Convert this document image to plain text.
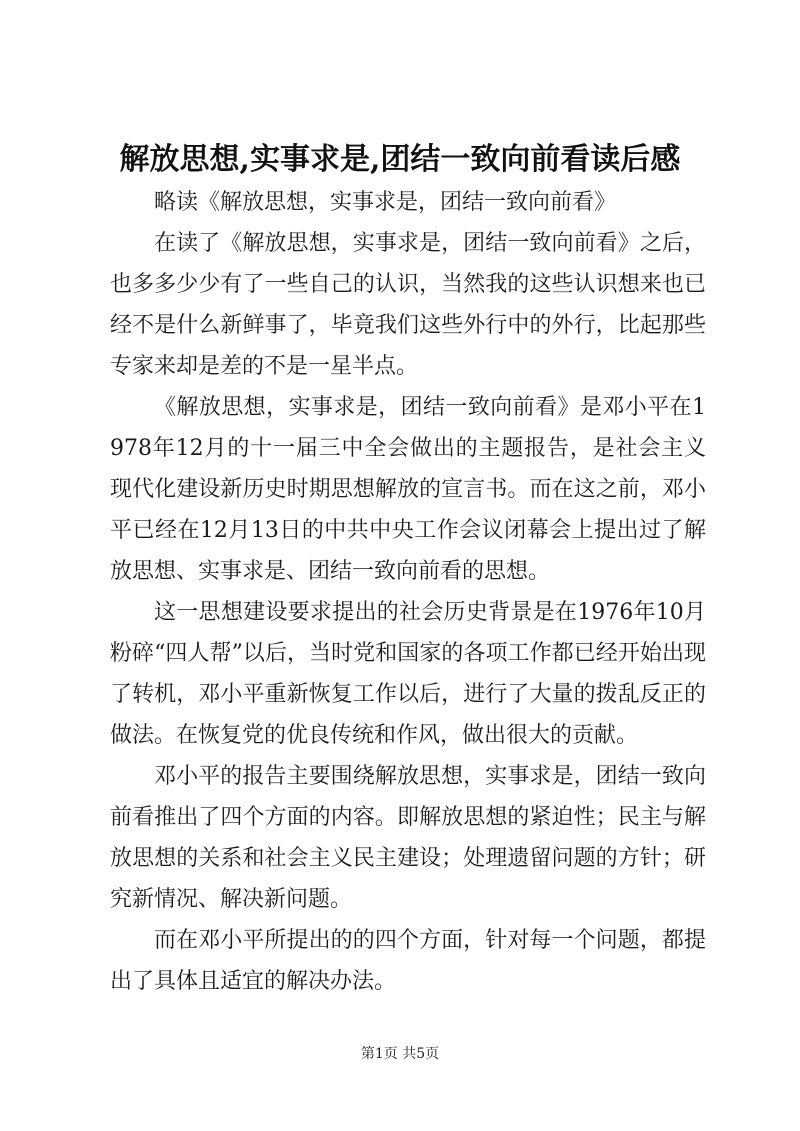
解放思想,实事求是,团结一致向前看读后感

略读《解放思想，实事求是，团结一致向前看》

在读了《解放思想，实事求是，团结一致向前看》之后，也多多少少有了一些自己的认识，当然我的这些认识想来也已经不是什么新鲜事了，毕竟我们这些外行中的外行，比起那些专家来却是差的不是一星半点。

《解放思想，实事求是，团结一致向前看》是邓小平在1978年12月的十一届三中全会做出的主题报告，是社会主义现代化建设新历史时期思想解放的宣言书。而在这之前，邓小平已经在12月13日的中共中央工作会议闭幕会上提出过了解放思想、实事求是、团结一致向前看的思想。

这一思想建设要求提出的社会历史背景是在1976年10月粉碎“四人帮”以后，当时党和国家的各项工作都已经开始出现了转机，邓小平重新恢复工作以后，进行了大量的拨乱反正的做法。在恢复党的优良传统和作风，做出很大的贡献。

邓小平的报告主要围绕解放思想，实事求是，团结一致向前看推出了四个方面的内容。即解放思想的紧迫性；民主与解放思想的关系和社会主义民主建设；处理遗留问题的方针；研究新情况、解决新问题。

而在邓小平所提出的的四个方面，针对每一个问题，都提出了具体且适宜的解决办法。

第1页 共5页
